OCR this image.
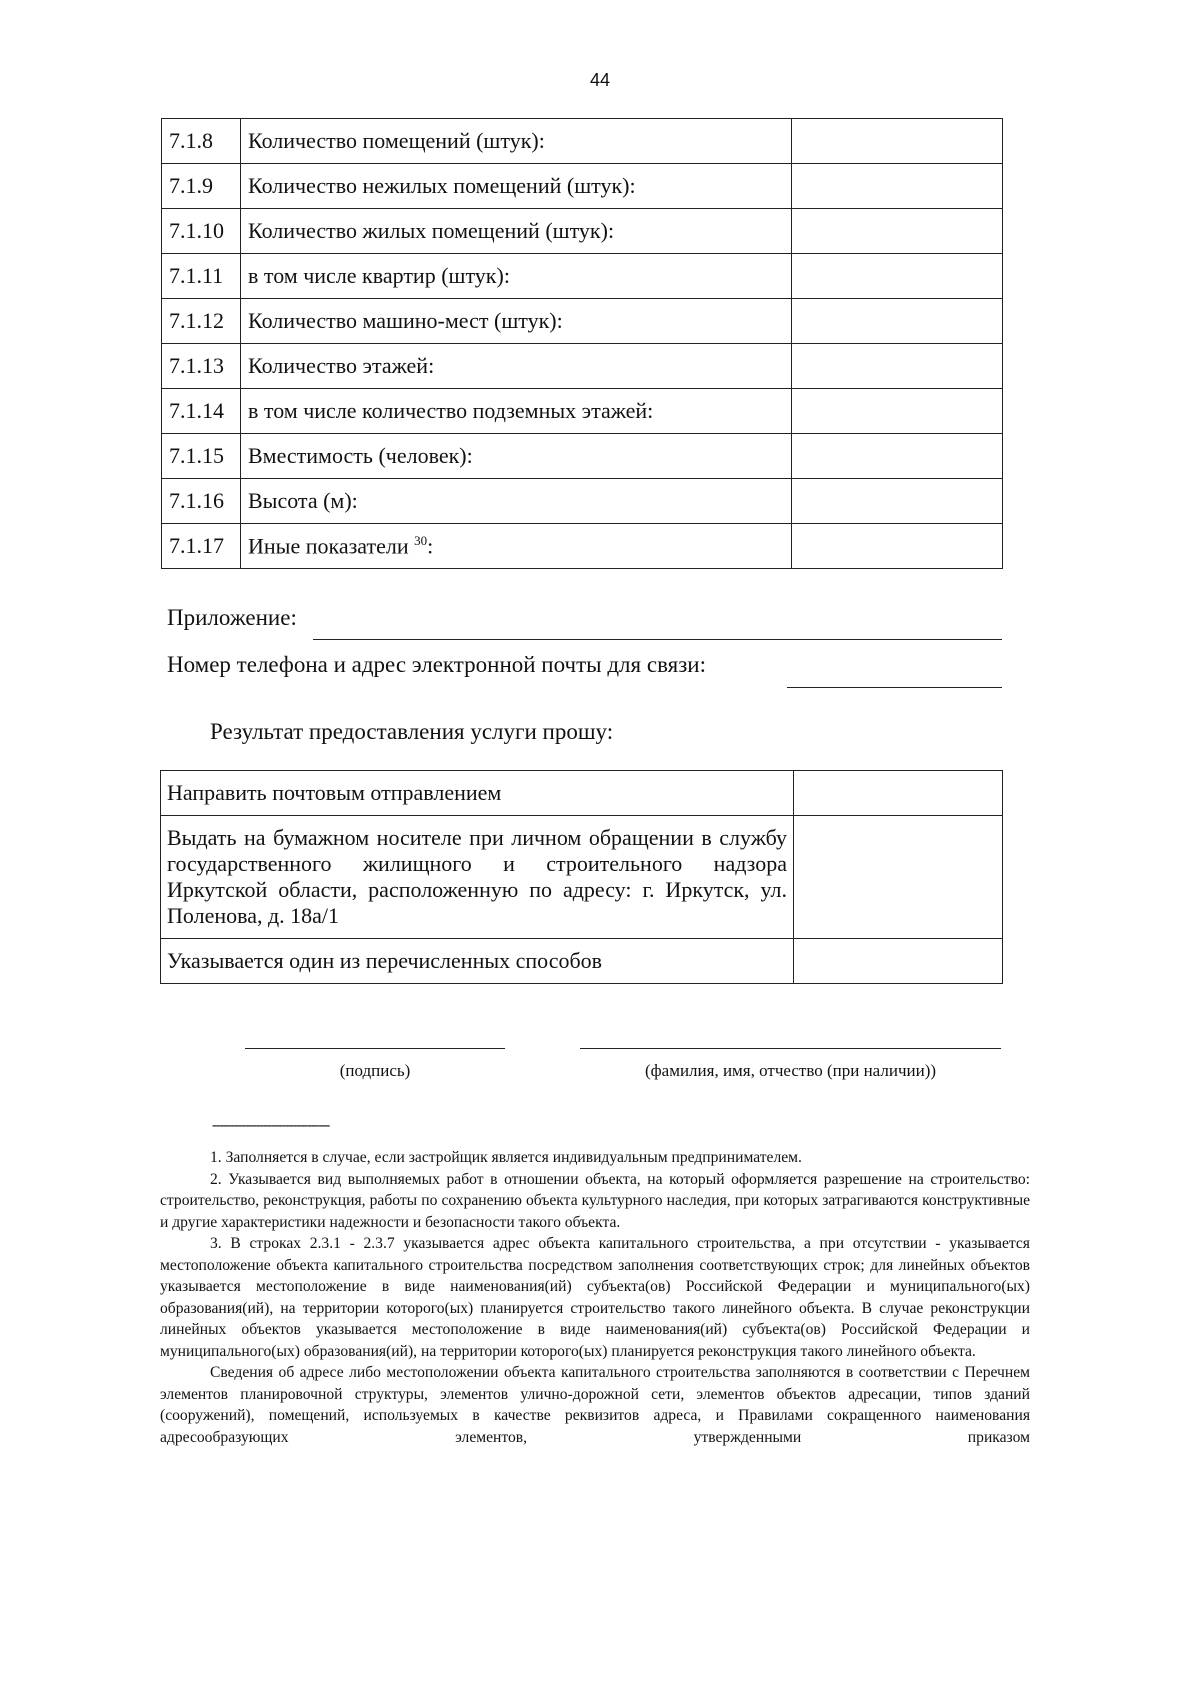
44
7.1.8	Количество помещений (штук):	
7.1.9	Количество нежилых помещений (штук):	
7.1.10	Количество жилых помещений (штук):	
7.1.11	в том числе квартир (штук):	
7.1.12	Количество машино-мест (штук):	
7.1.13	Количество этажей:	
7.1.14	в том числе количество подземных этажей:	
7.1.15	Вместимость (человек):	
7.1.16	Высота (м):	
7.1.17	Иные показатели $^{30}$:	
Приложение:
Номер телефона и адрес электронной почты для связи:
Результат предоставления услуги прошу:
Направить почтовым отправлением	
Выдать на бумажном носителе при личном обращении в службу государственного жилищного и строительного надзора Иркутской области, расположенную по адресу: г. Иркутск, ул. Поленова, д. 18а/1	
Указывается один из перечисленных способов	
(подпись)	(фамилия, имя, отчество (при наличии))
--------------------------------

1. Заполняется в случае, если застройщик является индивидуальным предпринимателем.

2. Указывается вид выполняемых работ в отношении объекта, на который оформляется разрешение на строительство: строительство, реконструкция, работы по сохранению объекта культурного наследия, при которых затрагиваются конструктивные и другие характеристики надежности и безопасности такого объекта.

3. В строках 2.3.1 - 2.3.7 указывается адрес объекта капитального строительства, а при отсутствии - указывается местоположение объекта капитального строительства посредством заполнения соответствующих строк; для линейных объектов указывается местоположение в виде наименования(ий) субъекта(ов) Российской Федерации и муниципального(ых) образования(ий), на территории которого(ых) планируется строительство такого линейного объекта. В случае реконструкции линейных объектов указывается местоположение в виде наименования(ий) субъекта(ов) Российской Федерации и муниципального(ых) образования(ий), на территории которого(ых) планируется реконструкция такого линейного объекта.

Сведения об адресе либо местоположении объекта капитального строительства заполняются в соответствии с Перечнем элементов планировочной структуры, элементов улично-дорожной сети, элементов объектов адресации, типов зданий (сооружений), помещений, используемых в качестве реквизитов адреса, и Правилами сокращенного наименования адресообразующих элементов, утвержденными приказом
